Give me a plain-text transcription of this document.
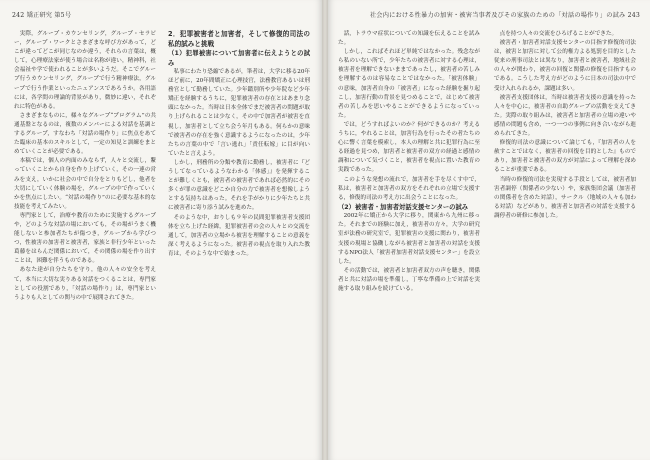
242 矯正研究 第5号

実際，グループ・カウンセリング，グループ・セラピー，グループ・ワークとさまざまな呼び方があって，どこが違ってどこが同じなのか違う，それらの言葉は，概して，心理療法家が使う場合は名称が違い，精神科，社会福祉や学で使われることが多いようだ。そこでグループ行うカウンセリング，グループで行う精神療法，グループで行う作業といったニュアンスであろうか。各用語には，各学問の理論的背景があり，微妙に違い，それぞれに特色がある。

さまざまなものに，様々なグループ“プログラム”の共通基盤となるのは，複数のメンバーによる対話を基調とするグループ，すなわち「対話の場作り」に焦点をあてた臨床の基本のスキルとして，一定の知見と訓練をまとめていくことが必要である。

本稿では，個人の内面のみならず，人々と交流し，繋っていくことから自身を作り上げていく，その一連の営みを支え，いかに社会の中で自分をとりもどし，他者を大切にしていく体験の場を，グループの中で作っていくかを焦点にしたい。“対話の場作り”のに必要な基本的な技能を考えてみたい。

専門家として，治療や教育のために実施するグループや，どのような対話の場においても，その場がうまく機能しないと参加者たちが傷つき，グループから学びつつ，性被害の加害者と被害者，家族と非行少年といった葛藤をはらんだ関係において，その関係の場を作り出すことは，困難を伴うものである。

あなた達が自分たちを守り，他の人々の安全を考えて，本当に大切な実りある対話をつくることは，専門家としての役割であり，「対話の場作り」は，専門家というよりも人としての関与の中で展開されてきた。

2．犯罪被害者と加害者，そして修復的司法の私的試みと挑戦

（1）犯罪被害について加害者に伝えようとの試み

私事にわたり恐縮であるが，筆者は，大学に移る20年ほど前に，20年間矯正に心理技官，法務教官あるいは刑務官として勤務していた。少年鑑別所や少年院など少年矯正を経験するうちに，犯罪被害者の存在とはあまり念頭になかった。当時は日本全体でまだ被害者の問題が取り上げられることは少なく，その中で加害者が被害を直視し，加害者として立ち会う年月もある。何らかの意味で被害者の存在を強く意識するようになったのは，少年たちの言葉の中で「言い逃れ」「責任転嫁」に目が向いていたと言えよう。

しかし，刑務所の分類や教育に勤務し，被害者に『どうしてなっているようなわかる「体感」』を発揮することが難しくとも，被害者の被害者であれば必然的にその多くが罪の意識をどこか自分の力で被害者を想像しようとする気持ちはあった。それを手がかりに少年たちと共に被害者に寄り添う試みを進めた。

そのような中，おりしも９年の民間犯罪被害者支援団体を立ち上げた経緯，犯罪被害者の会の人々との交流を通して，加害者の立場から被害を理解することの意義を深く考えるようになった。被害者の視点を取り入れた教育は，そのような中で始まった。

社会内における性暴力の加害・被害当事者及びその家族のための「対話の場作り」の試み 243

話，トラウマ症状についての知識を伝えることを試みた。

しかし，こればそれほど単純ではなかった。残念ながら私のいない所で，少年たちの被害者に対する心理は，被害者を理解できないままであったし，被害者の苦しみを理解するのは容易なことではなかった。「被害体験」の意味，加害者自身の「被害者」になった経験を掘り起こし，加害行動の背景を見つめることで，はじめて被害者の苦しみを思いやることができるようになっていった。

では，どうすればよいのか？何ができるのか？考えるうちに，やれることは，加害行為を行ったその者たちの心に響く言葉を模索し，本人の理解と共に犯罪行為に至る経過を見つめ，加害者と被害者の双方の経過と感情の調和について気づくこと，被害者を視点に置いた教育の実践であった。

このような発想の流れで，加害者を手を尽くす中で，私は，被害者と加害者の双方をそれぞれの立場で支援する，修復的司法の考え方に出会うことになった。

（2）被害者・加害者対話支援センターの試み

2002年に矯正から大学に移り，関東から九州に移った。それまでの経験に加え，被害者の方々，大学の研究室が法務の研究室で，犯罪被害の支援に関わり，被害者支援の現場と協働しながら被害者と加害者の対話を支援するNPO法人「被害者加害者対話支援センター」を設立した。

その活動では，被害者と加害者双方の声を聴き，関係者と共に対話の場を準備し，丁寧な準備の上で対話を実施する取り組みを続けている。

点を持つ人々の交流をひろげることができた。

被害者・加害者対話支援センターの目指す修復的司法は，被害と加害に対して公的権力よる処罰を目的とした従来の刑事司法とは異なり，加害者と被害者，地域社会の人々が関わり，被害の回復と関係の修復を目指すものである。こうした考え方がどのように日本の司法の中で受け入れられるか，課題は多い。

被害者支援団体は，当時は被害者支援の意識を持った人々を中心に，被害者の自助グループの活動を支えてきた。実際の取り組みは，被害者と加害者の立場の違いや感情の問題も含め，一つ一つの事例に向き合いながら進められてきた。

修復的司法の意識について論じても，『加害者の人を赦すことではなく，被害者の回復を目的とした』ものであり，加害者と被害者の双方が対話によって理解を深めることが重要である。

当時の修復的司法を実現する手段としては，被害者加害者調停（関係者の少ない）や，家族集団会議（加害者の関係者を含めた対話），サークル（地域の人々も加わる対話）などがあり，被害者と加害者の対話を支援する調停者の研修に参加した。
